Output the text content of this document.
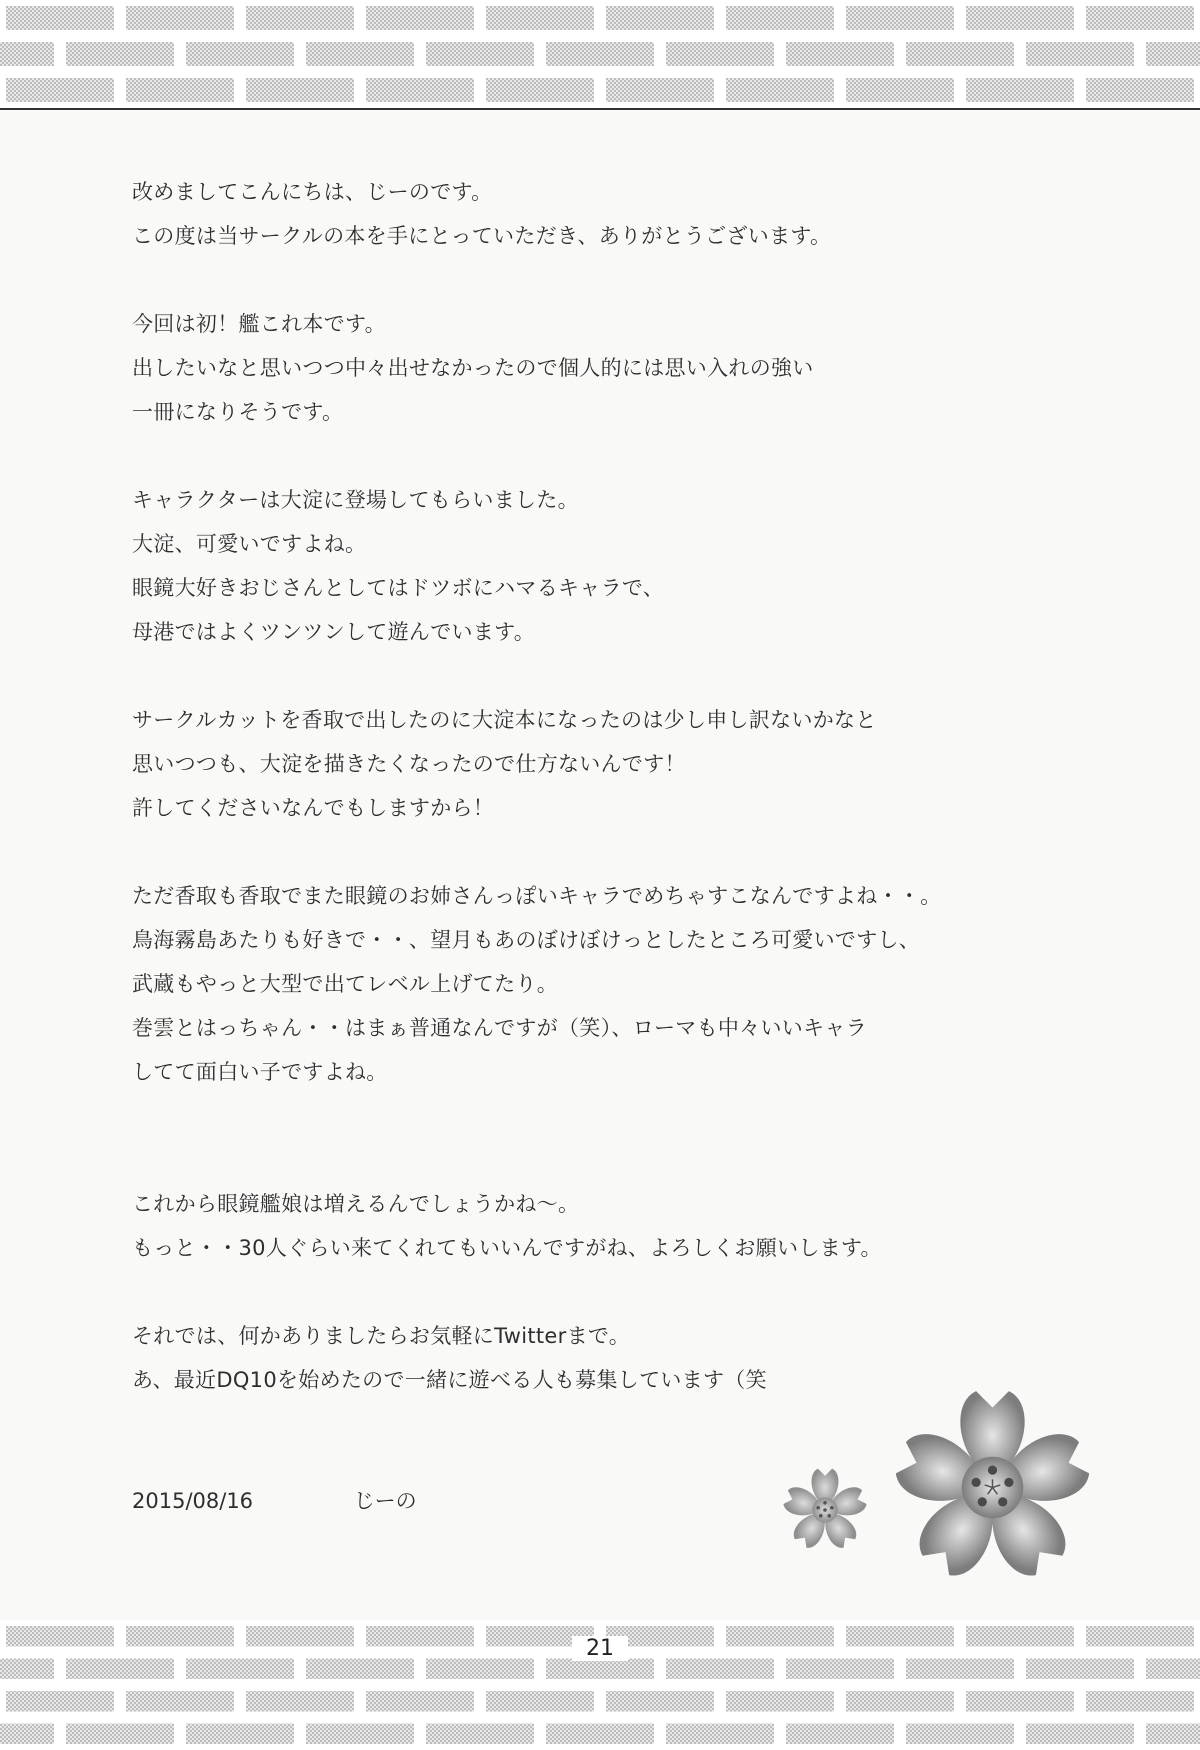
改めましてこんにちは、じーのです。
この度は当サークルの本を手にとっていただき、ありがとうございます。
今回は初！艦これ本です。
出したいなと思いつつ中々出せなかったので個人的には思い入れの強い
一冊になりそうです。
キャラクターは大淀に登場してもらいました。
大淀、可愛いですよね。
眼鏡大好きおじさんとしてはドツボにハマるキャラで、
母港ではよくツンツンして遊んでいます。
サークルカットを香取で出したのに大淀本になったのは少し申し訳ないかなと
思いつつも、大淀を描きたくなったので仕方ないんです！
許してくださいなんでもしますから！
ただ香取も香取でまた眼鏡のお姉さんっぽいキャラでめちゃすこなんですよね・・。
鳥海霧島あたりも好きで・・、望月もあのぼけぼけっとしたところ可愛いですし、
武蔵もやっと大型で出てレベル上げてたり。
巻雲とはっちゃん・・はまぁ普通なんですが（笑）、ローマも中々いいキャラ
してて面白い子ですよね。
これから眼鏡艦娘は増えるんでしょうかね～。
もっと・・30人ぐらい来てくれてもいいんですがね、よろしくお願いします。
それでは、何かありましたらお気軽にTwitterまで。
あ、最近DQ10を始めたので一緒に遊べる人も募集しています（笑
2015/08/16	じーの
21
